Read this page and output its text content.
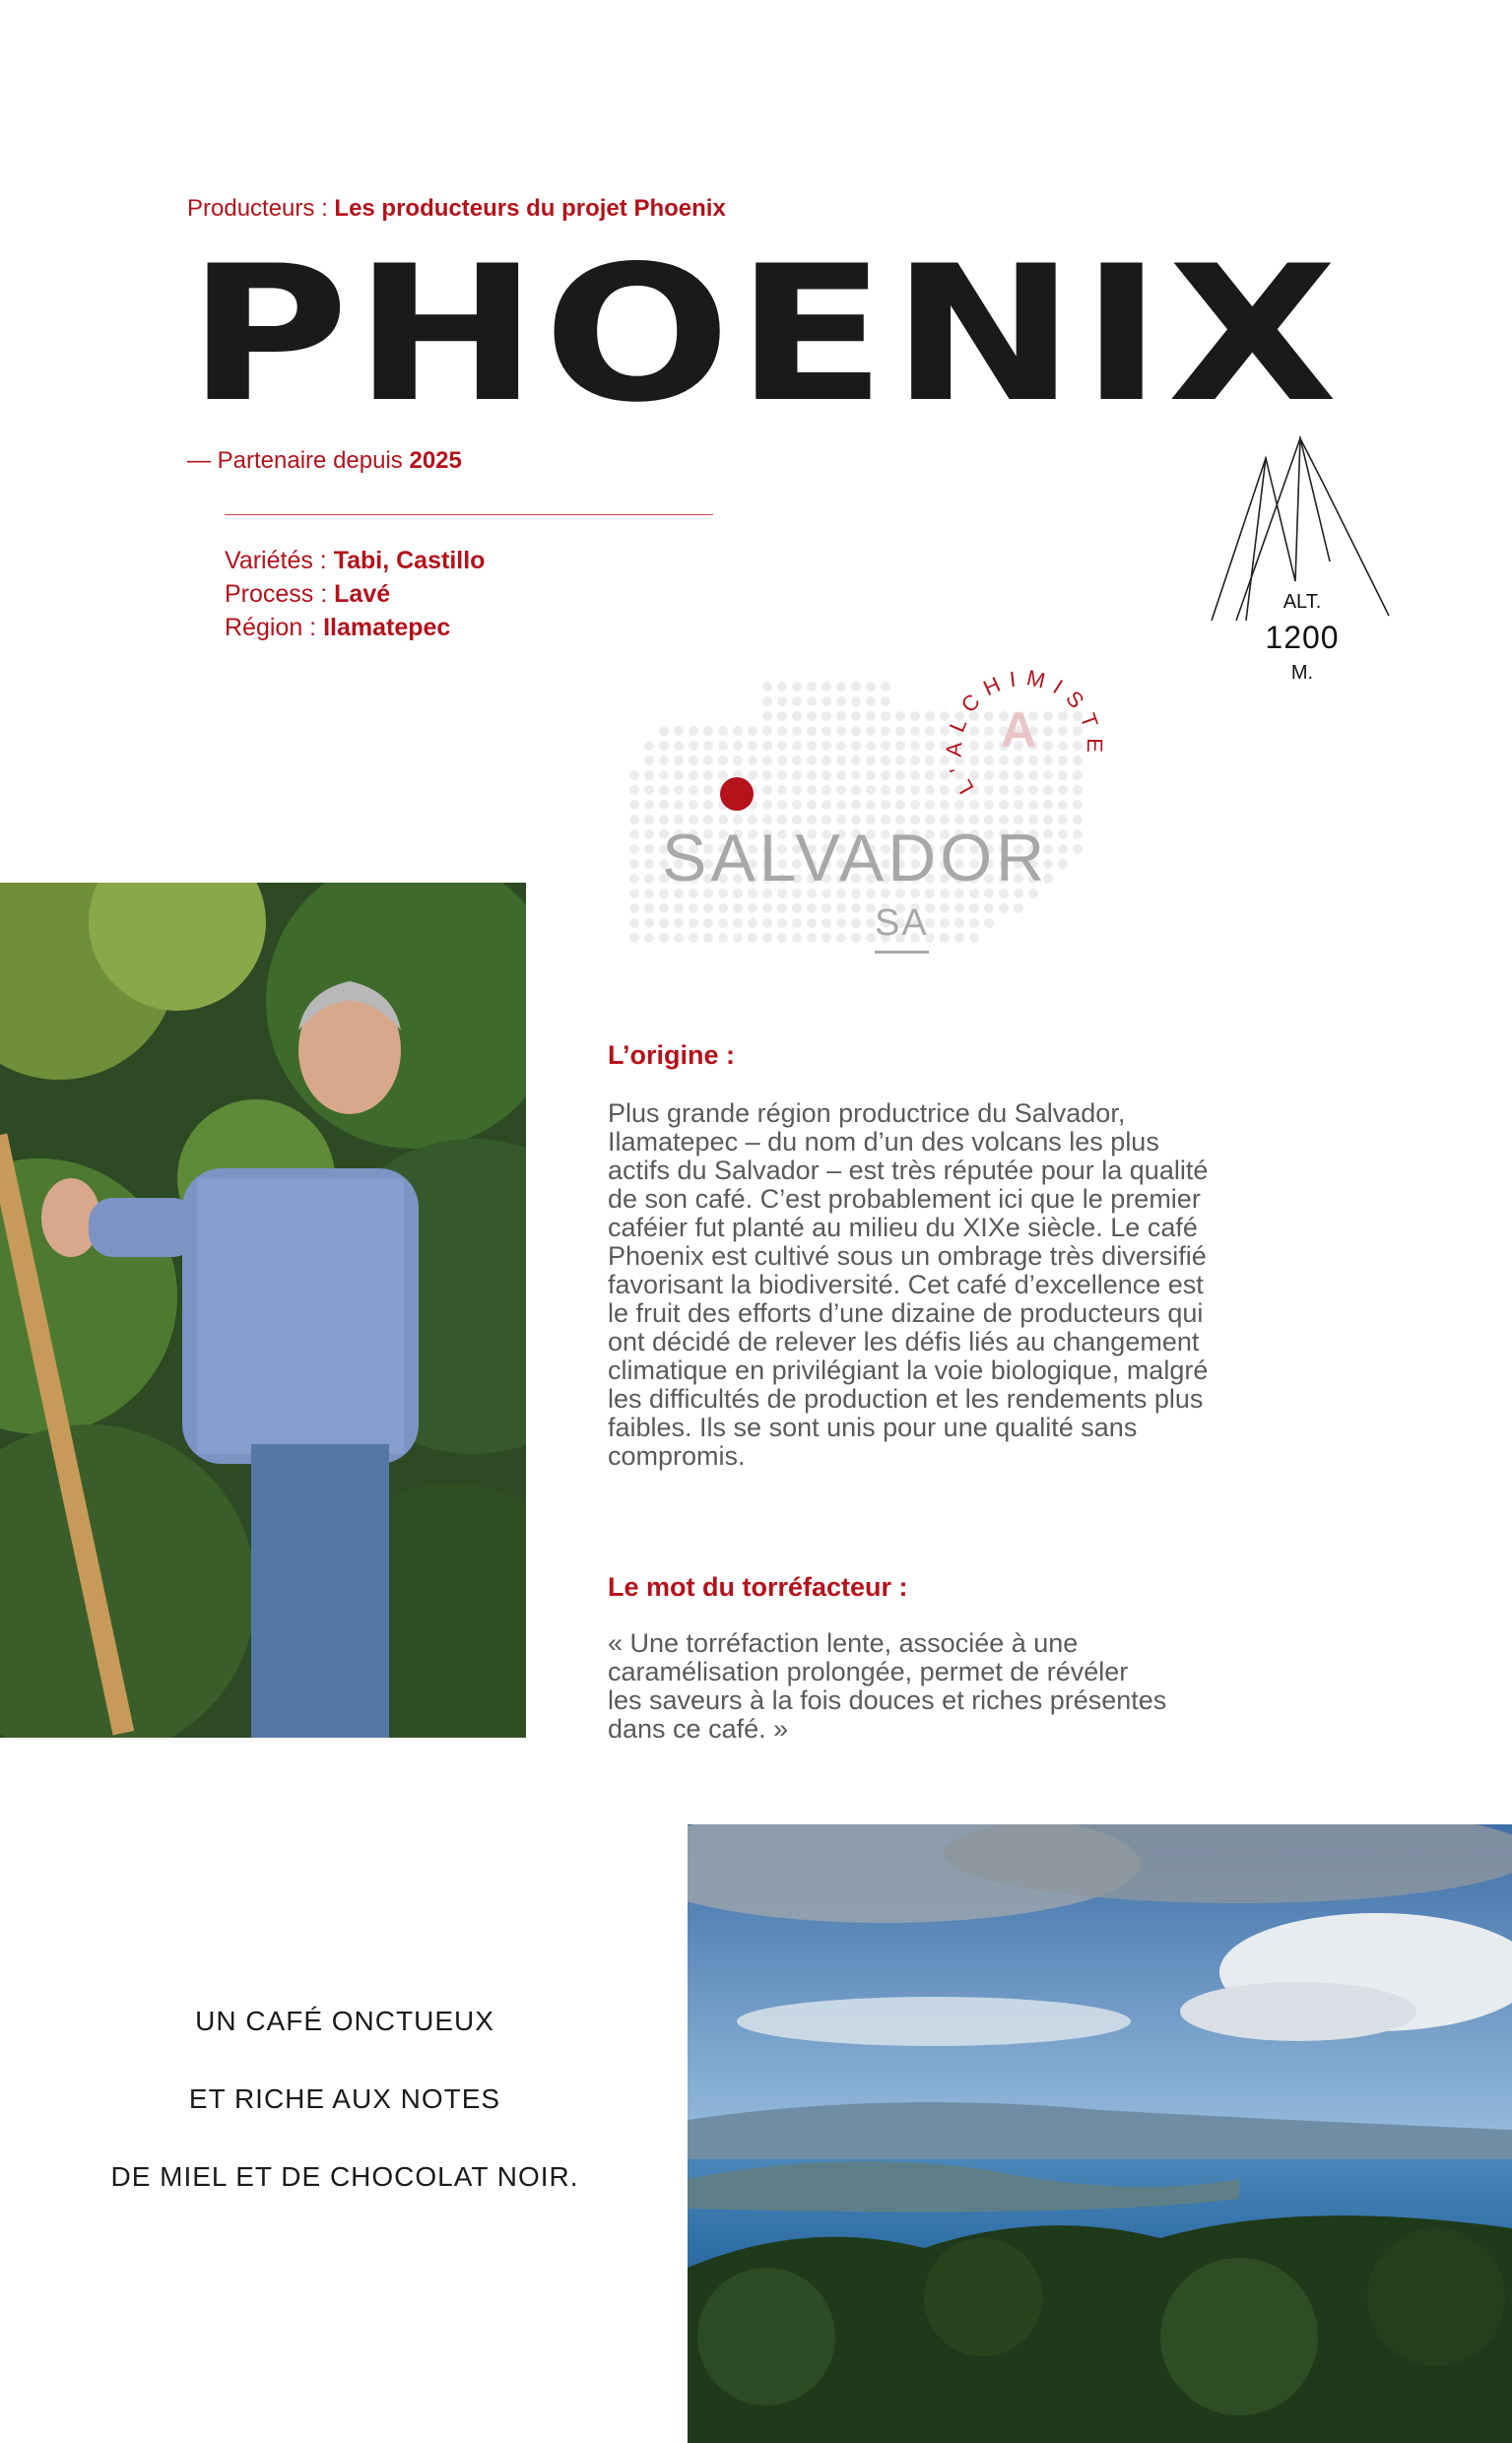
Producteurs : Les producteurs du projet Phoenix
PHOENIX
— Partenaire depuis 2025
Variétés : Tabi, Castillo
Process : Lavé
Région : Ilamatepec
ALT.
1200
M.
SALVADOR
SA
L'ALCHIMISTE
A
L’origine :
Plus grande région productrice du Salvador,
Ilamatepec – du nom d’un des volcans les plus
actifs du Salvador – est très réputée pour la qualité
de son café. C’est probablement ici que le premier
caféier fut planté au milieu du XIXe siècle. Le café
Phoenix est cultivé sous un ombrage très diversifié
favorisant la biodiversité. Cet café d’excellence est
le fruit des efforts d’une dizaine de producteurs qui
ont décidé de relever les défis liés au changement
climatique en privilégiant la voie biologique, malgré
les difficultés de production et les rendements plus
faibles. Ils se sont unis pour une qualité sans
compromis.
Le mot du torréfacteur :
« Une torréfaction lente, associée à une
caramélisation prolongée, permet de révéler
les saveurs à la fois douces et riches présentes
dans ce café. »
UN CAFÉ ONCTUEUX
ET RICHE AUX NOTES
DE MIEL ET DE CHOCOLAT NOIR.
